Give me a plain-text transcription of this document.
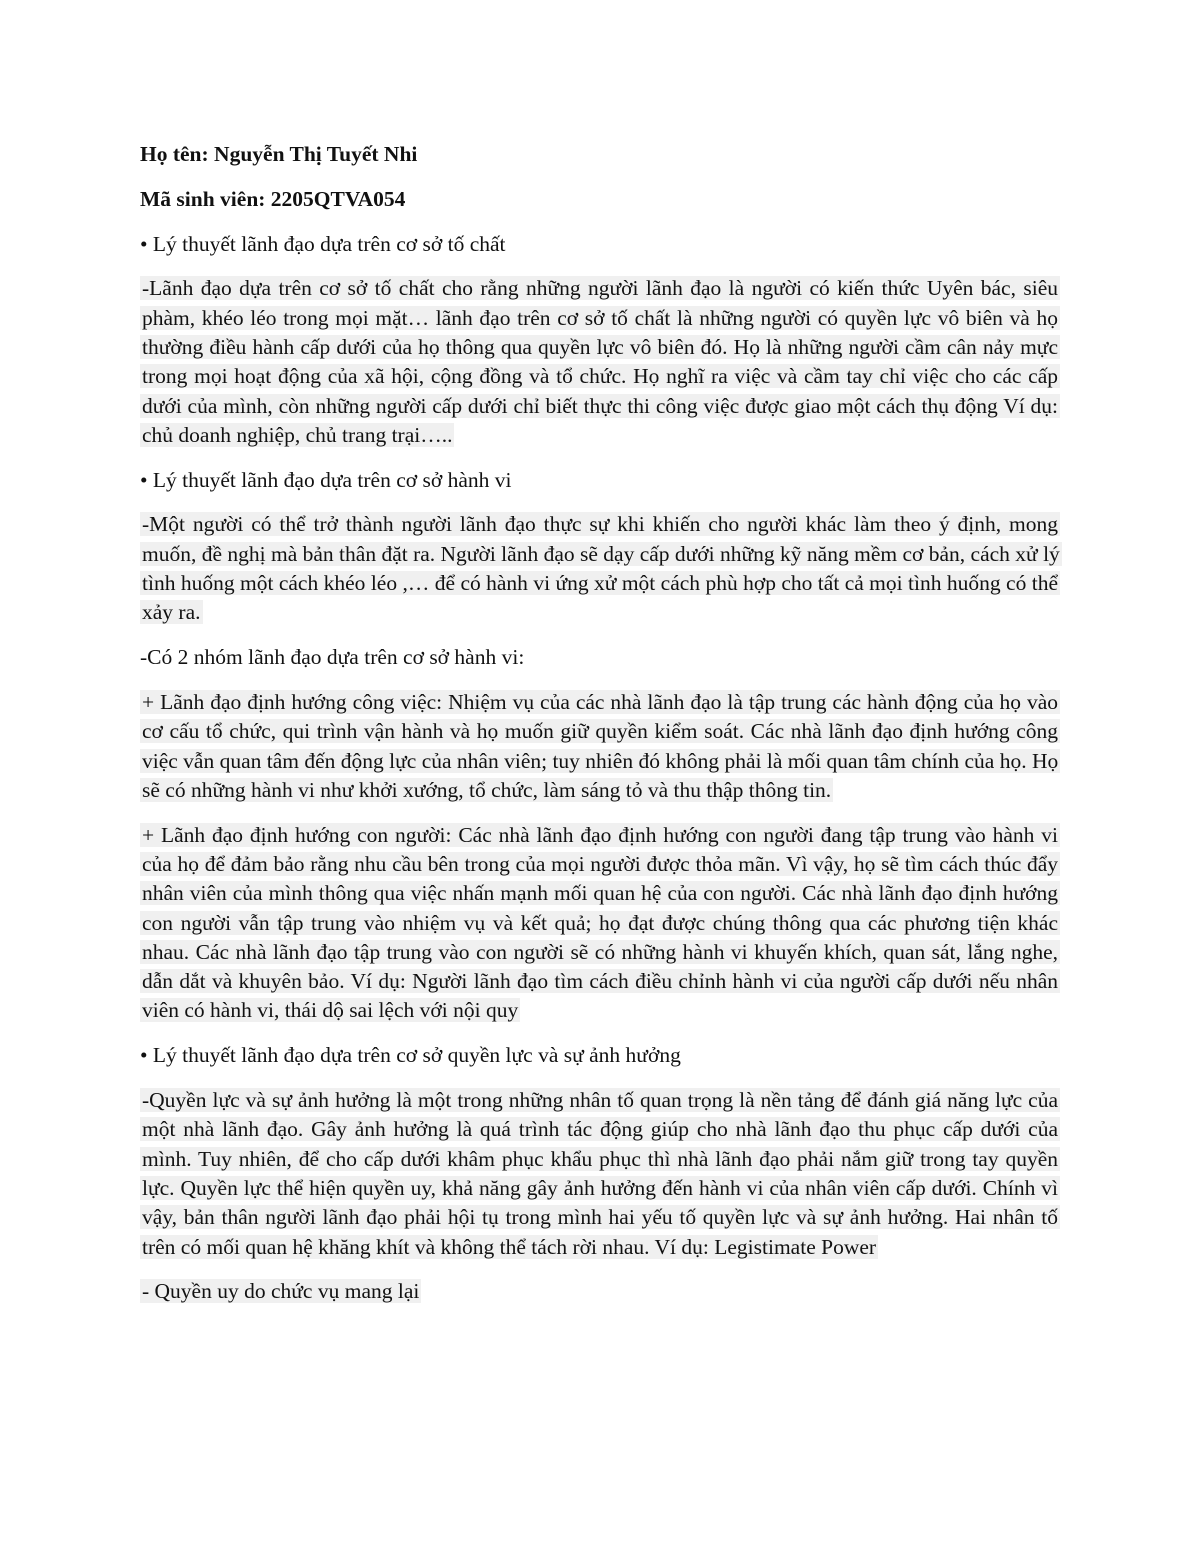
Họ tên: Nguyễn Thị Tuyết Nhi

Mã sinh viên: 2205QTVA054

• Lý thuyết lãnh đạo dựa trên cơ sở tố chất

-Lãnh đạo dựa trên cơ sở tố chất cho rằng những người lãnh đạo là người có kiến thức Uyên bác, siêu phàm, khéo léo trong mọi mặt… lãnh đạo trên cơ sở tố chất là những người có quyền lực vô biên và họ thường điều hành cấp dưới của họ thông qua quyền lực vô biên đó. Họ là những người cầm cân nảy mực trong mọi hoạt động của xã hội, cộng đồng và tổ chức. Họ nghĩ ra việc và cầm tay chỉ việc cho các cấp dưới của mình, còn những người cấp dưới chỉ biết thực thi công việc được giao một cách thụ động Ví dụ: chủ doanh nghiệp, chủ trang trại…..

• Lý thuyết lãnh đạo dựa trên cơ sở hành vi

-Một người có thể trở thành người lãnh đạo thực sự khi khiến cho người khác làm theo ý định, mong muốn, đề nghị mà bản thân đặt ra. Người lãnh đạo sẽ dạy cấp dưới những kỹ năng mềm cơ bản, cách xử lý tình huống một cách khéo léo ,… để có hành vi ứng xử một cách phù hợp cho tất cả mọi tình huống có thể xảy ra.

-Có 2 nhóm lãnh đạo dựa trên cơ sở hành vi:

+ Lãnh đạo định hướng công việc: Nhiệm vụ của các nhà lãnh đạo là tập trung các hành động của họ vào cơ cấu tổ chức, qui trình vận hành và họ muốn giữ quyền kiểm soát. Các nhà lãnh đạo định hướng công việc vẫn quan tâm đến động lực của nhân viên; tuy nhiên đó không phải là mối quan tâm chính của họ. Họ sẽ có những hành vi như khởi xướng, tổ chức, làm sáng tỏ và thu thập thông tin.

+ Lãnh đạo định hướng con người: Các nhà lãnh đạo định hướng con người đang tập trung vào hành vi của họ để đảm bảo rằng nhu cầu bên trong của mọi người được thỏa mãn. Vì vậy, họ sẽ tìm cách thúc đẩy nhân viên của mình thông qua việc nhấn mạnh mối quan hệ của con người. Các nhà lãnh đạo định hướng con người vẫn tập trung vào nhiệm vụ và kết quả; họ đạt được chúng thông qua các phương tiện khác nhau. Các nhà lãnh đạo tập trung vào con người sẽ có những hành vi khuyến khích, quan sát, lắng nghe, dẫn dắt và khuyên bảo. Ví dụ: Người lãnh đạo tìm cách điều chỉnh hành vi của người cấp dưới nếu nhân viên có hành vi, thái dộ sai lệch với nội quy

• Lý thuyết lãnh đạo dựa trên cơ sở quyền lực và sự ảnh hưởng

-Quyền lực và sự ảnh hưởng là một trong những nhân tố quan trọng là nền tảng để đánh giá năng lực của một nhà lãnh đạo. Gây ảnh hưởng là quá trình tác động giúp cho nhà lãnh đạo thu phục cấp dưới của mình. Tuy nhiên, để cho cấp dưới khâm phục khẩu phục thì nhà lãnh đạo phải nắm giữ trong tay quyền lực. Quyền lực thể hiện quyền uy, khả năng gây ảnh hưởng đến hành vi của nhân viên cấp dưới. Chính vì vậy, bản thân người lãnh đạo phải hội tụ trong mình hai yếu tố quyền lực và sự ảnh hưởng. Hai nhân tố trên có mối quan hệ khăng khít và không thể tách rời nhau. Ví dụ: Legistimate Power

- Quyền uy do chức vụ mang lại
